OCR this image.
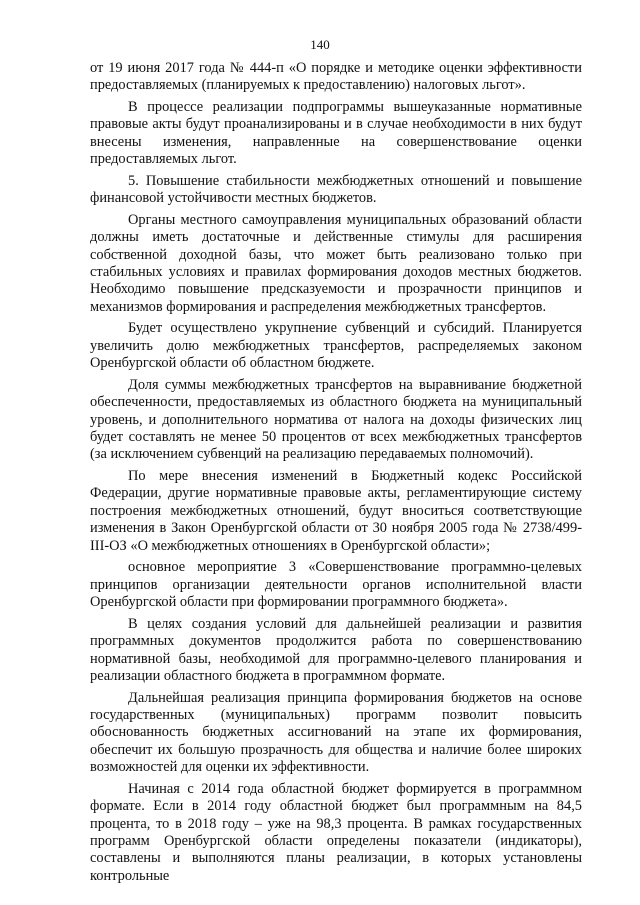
140

от 19 июня 2017 года № 444-п «О порядке и методике оценки эффективности предоставляемых (планируемых к предоставлению) налоговых льгот».

В процессе реализации подпрограммы вышеуказанные нормативные правовые акты будут проанализированы и в случае необходимости в них будут внесены изменения, направленные на совершенствование оценки предоставляемых льгот.

5. Повышение стабильности межбюджетных отношений и повышение финансовой устойчивости местных бюджетов.

Органы местного самоуправления муниципальных образований области должны иметь достаточные и действенные стимулы для расширения собственной доходной базы, что может быть реализовано только при стабильных условиях и правилах формирования доходов местных бюджетов. Необходимо повышение предсказуемости и прозрачности принципов и механизмов формирования и распределения межбюджетных трансфертов.

Будет осуществлено укрупнение субвенций и субсидий. Планируется увеличить долю межбюджетных трансфертов, распределяемых законом Оренбургской области об областном бюджете.

Доля суммы межбюджетных трансфертов на выравнивание бюджетной обеспеченности, предоставляемых из областного бюджета на муниципальный уровень, и дополнительного норматива от налога на доходы физических лиц будет составлять не менее 50 процентов от всех межбюджетных трансфертов (за исключением субвенций на реализацию передаваемых полномочий).

По мере внесения изменений в Бюджетный кодекс Российской Федерации, другие нормативные правовые акты, регламентирующие систему построения межбюджетных отношений, будут вноситься соответствующие изменения в Закон Оренбургской области от 30 ноября 2005 года № 2738/499-III-ОЗ «О межбюджетных отношениях в Оренбургской области»;

основное мероприятие 3 «Совершенствование программно-целевых принципов организации деятельности органов исполнительной власти Оренбургской области при формировании программного бюджета».

В целях создания условий для дальнейшей реализации и развития программных документов продолжится работа по совершенствованию нормативной базы, необходимой для программно-целевого планирования и реализации областного бюджета в программном формате.

Дальнейшая реализация принципа формирования бюджетов на основе государственных (муниципальных) программ позволит повысить обоснованность бюджетных ассигнований на этапе их формирования, обеспечит их большую прозрачность для общества и наличие более широких возможностей для оценки их эффективности.

Начиная с 2014 года областной бюджет формируется в программном формате. Если в 2014 году областной бюджет был программным на 84,5 процента, то в 2018 году – уже на 98,3 процента. В рамках государственных программ Оренбургской области определены показатели (индикаторы), составлены и выполняются планы реализации, в которых установлены контрольные
